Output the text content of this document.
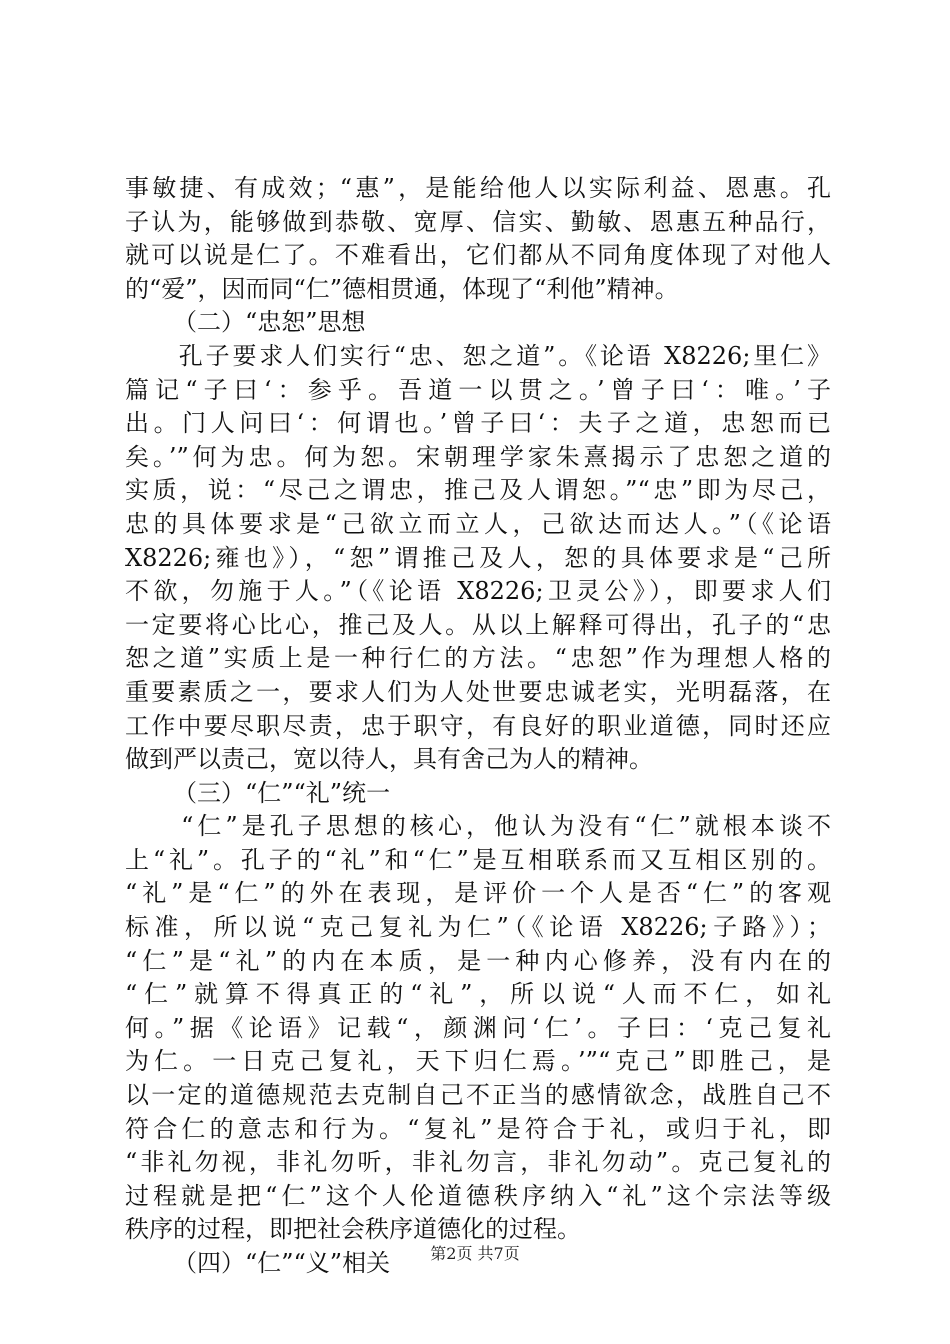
事敏捷、有成效；“惠”，是能给他人以实际利益、恩惠。孔
子认为，能够做到恭敬、宽厚、信实、勤敏、恩惠五种品行，
就可以说是仁了。不难看出，它们都从不同角度体现了对他人
的“爱”，因而同“仁”德相贯通，体现了“利他”精神。
（二）“忠恕”思想
　　孔子要求人们实行“忠、恕之道”。《论语 X8226;里仁》
篇记“子曰‘：参乎。吾道一以贯之。’曾子曰‘：唯。’子
出。门人问曰‘：何谓也。’曾子曰‘：夫子之道，忠恕而已
矣。’”何为忠。何为恕。宋朝理学家朱熹揭示了忠恕之道的
实质，说：“尽己之谓忠，推己及人谓恕。”“忠”即为尽己，
忠的具体要求是“己欲立而立人，己欲达而达人。”（《论语
X8226;雍也》），“恕”谓推己及人，恕的具体要求是“己所
不欲，勿施于人。”（《论语 X8226;卫灵公》），即要求人们
一定要将心比心，推己及人。从以上解释可得出，孔子的“忠
恕之道”实质上是一种行仁的方法。“忠恕”作为理想人格的
重要素质之一，要求人们为人处世要忠诚老实，光明磊落，在
工作中要尽职尽责，忠于职守，有良好的职业道德，同时还应
做到严以责己，宽以待人，具有舍己为人的精神。
（三）“仁”“礼”统一
　　“仁”是孔子思想的核心，他认为没有“仁”就根本谈不
上“礼”。孔子的“礼”和“仁”是互相联系而又互相区别的。
“礼”是“仁”的外在表现，是评价一个人是否“仁”的客观
标准，所以说“克己复礼为仁”（《论语 X8226;子路》）；
“仁”是“礼”的内在本质，是一种内心修养，没有内在的
“仁”就算不得真正的“礼”，所以说“人而不仁，如礼
何。”据《论语》记载“，颜渊问‘仁’。子曰：‘克己复礼
为仁。一日克己复礼，天下归仁焉。’”“克己”即胜己，是
以一定的道德规范去克制自己不正当的感情欲念，战胜自己不
符合仁的意志和行为。“复礼”是符合于礼，或归于礼，即
“非礼勿视，非礼勿听，非礼勿言，非礼勿动”。克己复礼的
过程就是把“仁”这个人伦道德秩序纳入“礼”这个宗法等级
秩序的过程，即把社会秩序道德化的过程。
（四）“仁”“义”相关	第2页 共7页
